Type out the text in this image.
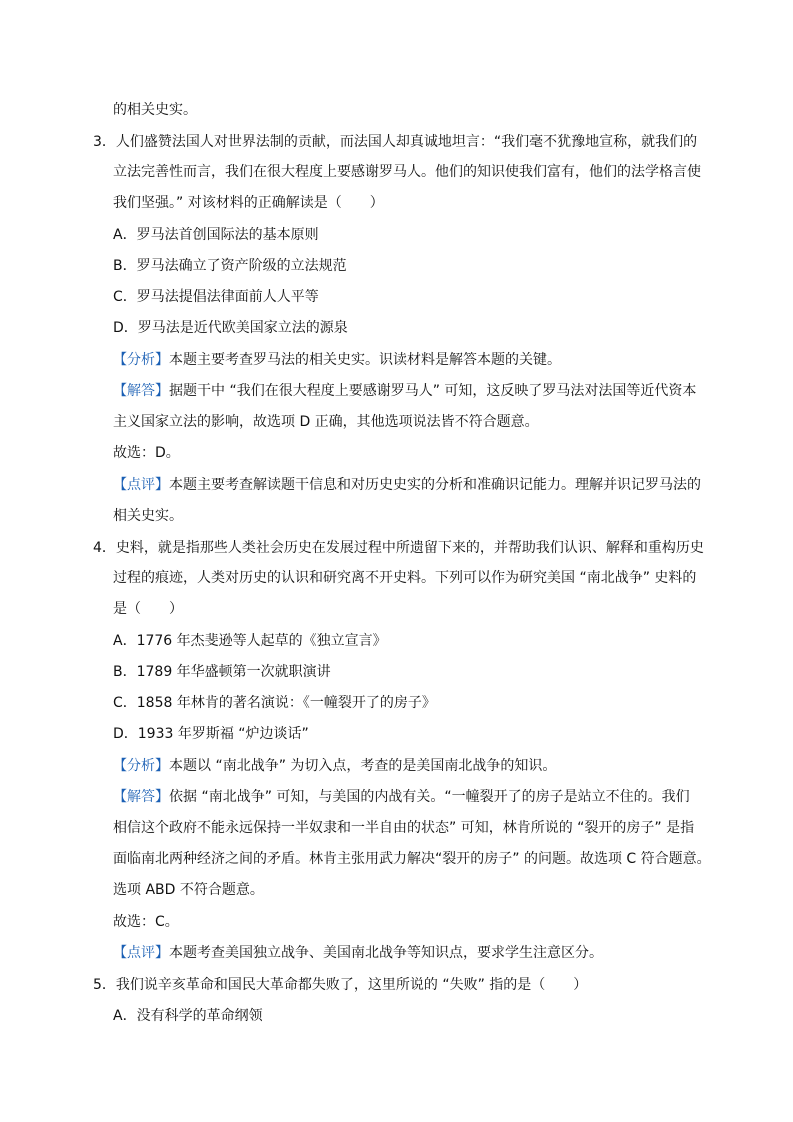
的相关史实。
3．人们盛赞法国人对世界法制的贡献，而法国人却真诚地坦言：“我们毫不犹豫地宣称，就我们的
立法完善性而言，我们在很大程度上要感谢罗马人。他们的知识使我们富有，他们的法学格言使
我们坚强。” 对该材料的正确解读是（　　）
A．罗马法首创国际法的基本原则
B．罗马法确立了资产阶级的立法规范
C．罗马法提倡法律面前人人平等
D．罗马法是近代欧美国家立法的源泉
【分析】本题主要考查罗马法的相关史实。识读材料是解答本题的关键。
【解答】据题干中 “我们在很大程度上要感谢罗马人” 可知，这反映了罗马法对法国等近代资本
主义国家立法的影响，故选项 D 正确，其他选项说法皆不符合题意。
故选：D。
【点评】本题主要考查解读题干信息和对历史史实的分析和准确识记能力。理解并识记罗马法的
相关史实。
4．史料，就是指那些人类社会历史在发展过程中所遗留下来的，并帮助我们认识、解释和重构历史
过程的痕迹，人类对历史的认识和研究离不开史料。下列可以作为研究美国 “南北战争” 史料的
是（　　）
A．1776 年杰斐逊等人起草的《独立宣言》
B．1789 年华盛顿第一次就职演讲
C．1858 年林肯的著名演说：《一幢裂开了的房子》
D．1933 年罗斯福 “炉边谈话”
【分析】本题以 “南北战争” 为切入点，考查的是美国南北战争的知识。
【解答】依据 “南北战争” 可知，与美国的内战有关。“一幢裂开了的房子是站立不住的。我们
相信这个政府不能永远保持一半奴隶和一半自由的状态” 可知，林肯所说的 “裂开的房子” 是指
面临南北两种经济之间的矛盾。林肯主张用武力解决“裂开的房子” 的问题。故选项 C 符合题意。
选项 ABD 不符合题意。
故选：C。
【点评】本题考查美国独立战争、美国南北战争等知识点，要求学生注意区分。
5．我们说辛亥革命和国民大革命都失败了，这里所说的 “失败” 指的是（　　）
A．没有科学的革命纲领
